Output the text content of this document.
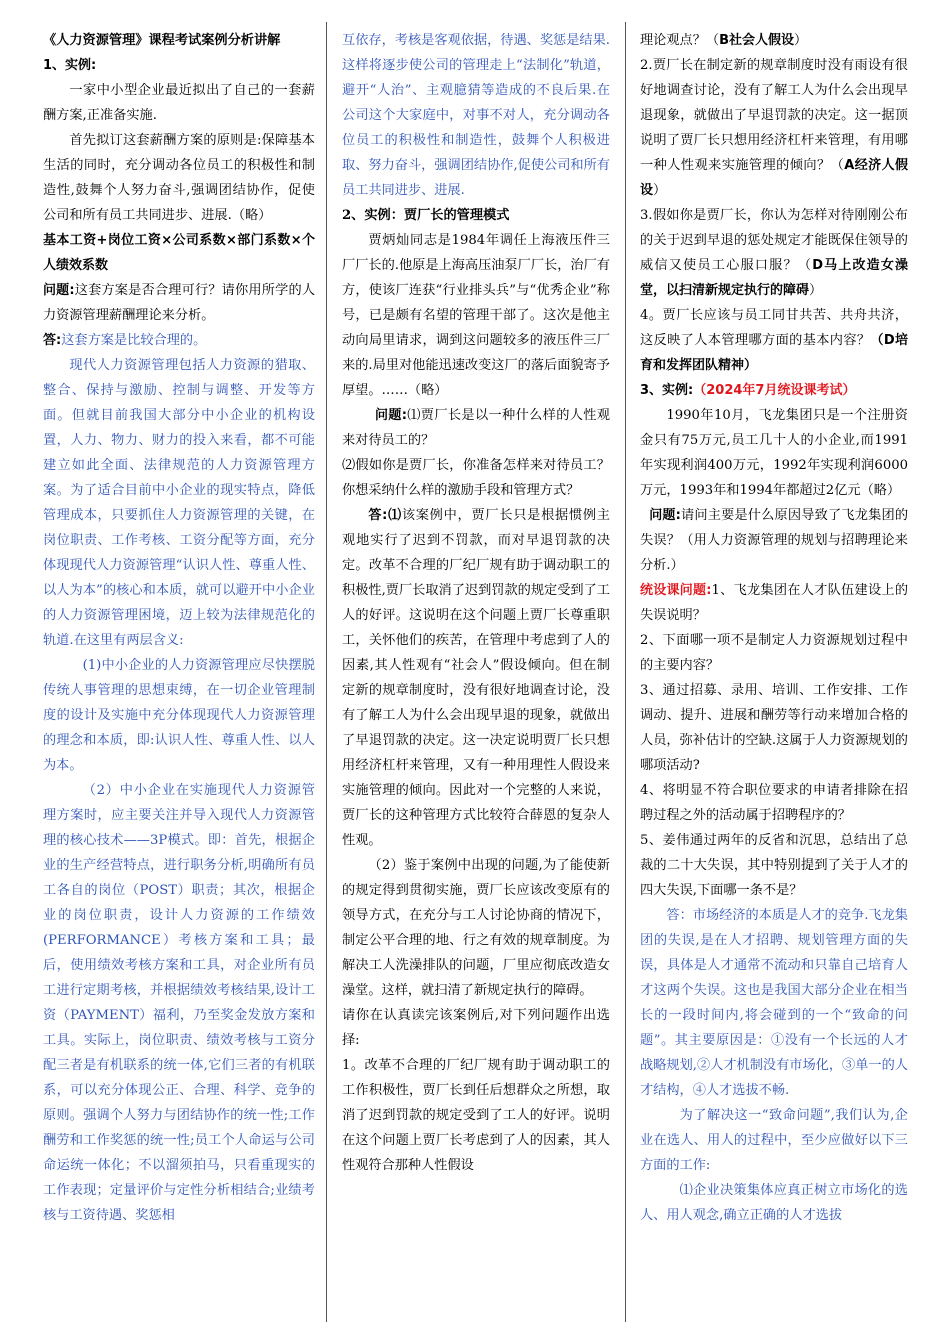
《人力资源管理》课程考试案例分析讲解

1、实例:

一家中小型企业最近拟出了自己的一套薪酬方案,正准备实施.

首先拟订这套薪酬方案的原则是:保障基本生活的同时，充分调动各位员工的积极性和制造性,鼓舞个人努力奋斗,强调团结协作，促使公司和所有员工共同进步、进展.（略）

基本工资+岗位工资×公司系数×部门系数×个人绩效系数

问题:这套方案是否合理可行？请你用所学的人力资源管理薪酬理论来分析。

答:这套方案是比较合理的。

现代人力资源管理包括人力资源的猎取、整合、保持与激励、控制与调整、开发等方面。但就目前我国大部分中小企业的机构设置，人力、物力、财力的投入来看，都不可能建立如此全面、法律规范的人力资源管理方案。为了适合目前中小企业的现实特点，降低管理成本，只要抓住人力资源管理的关键，在岗位职责、工作考核、工资分配等方面，充分体现现代人力资源管理“认识人性、尊重人性、以人为本”的核心和本质，就可以避开中小企业的人力资源管理困境，迈上较为法律规范化的轨道.在这里有两层含义:

(1)中小企业的人力资源管理应尽快摆脱传统人事管理的思想束缚，在一切企业管理制度的设计及实施中充分体现现代人力资源管理的理念和本质，即:认识人性、尊重人性、以人为本。

（2）中小企业在实施现代人力资源管理方案时，应主要关注并导入现代人力资源管理的核心技术——3P模式。即：首先，根据企业的生产经营特点，进行职务分析,明确所有员工各自的岗位（POST）职责；其次，根据企业的岗位职责，设计人力资源的工作绩效(PERFORMANCE）考核方案和工具；最后，使用绩效考核方案和工具，对企业所有员工进行定期考核，并根据绩效考核结果,设计工资（PAYMENT）福利，乃至奖金发放方案和工具。实际上，岗位职责、绩效考核与工资分配三者是有机联系的统一体,它们三者的有机联系，可以充分体现公正、合理、科学、竞争的原则。强调个人努力与团结协作的统一性;工作酬劳和工作奖惩的统一性;员工个人命运与公司命运统一体化；不以溜须拍马，只看重现实的工作表现；定量评价与定性分析相结合;业绩考核与工资待遇、奖惩相

互依存，考核是客观依据，待遇、奖惩是结果.这样将逐步使公司的管理走上“法制化”轨道，避开“人治”、主观臆猜等造成的不良后果.在公司这个大家庭中，对事不对人，充分调动各位员工的积极性和制造性，鼓舞个人积极进取、努力奋斗，强调团结协作,促使公司和所有员工共同进步、进展.

2、实例：贾厂长的管理模式

贾炳灿同志是1984年调任上海液压件三厂厂长的.他原是上海高压油泵厂厂长，治厂有方，使该厂连获“行业排头兵”与“优秀企业”称号，已是颇有名望的管理干部了。这次是他主动向局里请求，调到这问题较多的液压件三厂来的.局里对他能迅速改变这厂的落后面貌寄予厚望。……（略）

问题:⑴贾厂长是以一种什么样的人性观来对待员工的？

⑵假如你是贾厂长，你准备怎样来对待员工？你想采纳什么样的激励手段和管理方式？

答:⑴该案例中，贾厂长只是根据惯例主观地实行了迟到不罚款，而对早退罚款的决定。改革不合理的厂纪厂规有助于调动职工的积极性,贾厂长取消了迟到罚款的规定受到了工人的好评。这说明在这个问题上贾厂长尊重职工，关怀他们的疾苦，在管理中考虑到了人的因素,其人性观有“社会人”假设倾向。但在制定新的规章制度时，没有很好地调查讨论，没有了解工人为什么会出现早退的现象，就做出了早退罚款的决定。这一决定说明贾厂长只想用经济杠杆来管理，又有一种用理性人假设来实施管理的倾向。因此对一个完整的人来说，贾厂长的这种管理方式比较符合薛恩的复杂人性观。

（2）鉴于案例中出现的问题,为了能使新的规定得到贯彻实施，贾厂长应该改变原有的领导方式，在充分与工人讨论协商的情况下，制定公平合理的地、行之有效的规章制度。为解决工人洗澡排队的问题，厂里应彻底改造女澡堂。这样，就扫清了新规定执行的障碍。

请你在认真读完该案例后,对下列问题作出选择:

1。改革不合理的厂纪厂规有助于调动职工的工作积极性，贾厂长到任后想群众之所想，取消了迟到罚款的规定受到了工人的好评。说明在这个问题上贾厂长考虑到了人的因素，其人性观符合那种人性假设

理论观点？（B社会人假设）

2.贾厂长在制定新的规章制度时没有雨设有很好地调查讨论，没有了解工人为什么会出现早退现象，就做出了早退罚款的决定。这一据顶说明了贾厂长只想用经济杠杆来管理，有用哪一种人性观来实施管理的倾向？（A经济人假设）

3.假如你是贾厂长，你认为怎样对待刚刚公布的关于迟到早退的惩处规定才能既保住领导的威信又使员工心服口服？（D马上改造女澡堂，以扫清新规定执行的障碍）

4。贾厂长应该与员工同甘共苦、共舟共济，这反映了人本管理哪方面的基本内容？（D培育和发挥团队精神）

3、实例:（2024年7月统设课考试）

1990年10月，飞龙集团只是一个注册资金只有75万元,员工几十人的小企业,而1991年实现利润400万元，1992年实现利润6000万元，1993年和1994年都超过2亿元（略）

问题:请问主要是什么原因导致了飞龙集团的失误？（用人力资源管理的规划与招聘理论来分析.）

统设课问题:1、飞龙集团在人才队伍建设上的失误说明？

2、下面哪一项不是制定人力资源规划过程中的主要内容？

3、通过招募、录用、培训、工作安排、工作调动、提升、进展和酬劳等行动来增加合格的人员，弥补估计的空缺.这属于人力资源规划的哪项活动?

4、将明显不符合职位要求的申请者排除在招聘过程之外的活动属于招聘程序的？

5、姜伟通过两年的反省和沉思，总结出了总裁的二十大失误，其中特别提到了关于人才的四大失误,下面哪一条不是？

答：市场经济的本质是人才的竞争.飞龙集团的失误,是在人才招聘、规划管理方面的失误，具体是人才通常不流动和只靠自己培育人才这两个失误。这也是我国大部分企业在相当长的一段时间内,将会碰到的一个“致命的问题”。其主要原因是：①没有一个长远的人才战略规划,②人才机制没有市场化，③单一的人才结构，④人才选拔不畅.

为了解决这一“致命问题”,我们认为,企业在选人、用人的过程中，至少应做好以下三方面的工作:

⑴企业决策集体应真正树立市场化的选人、用人观念,确立正确的人才选拔
